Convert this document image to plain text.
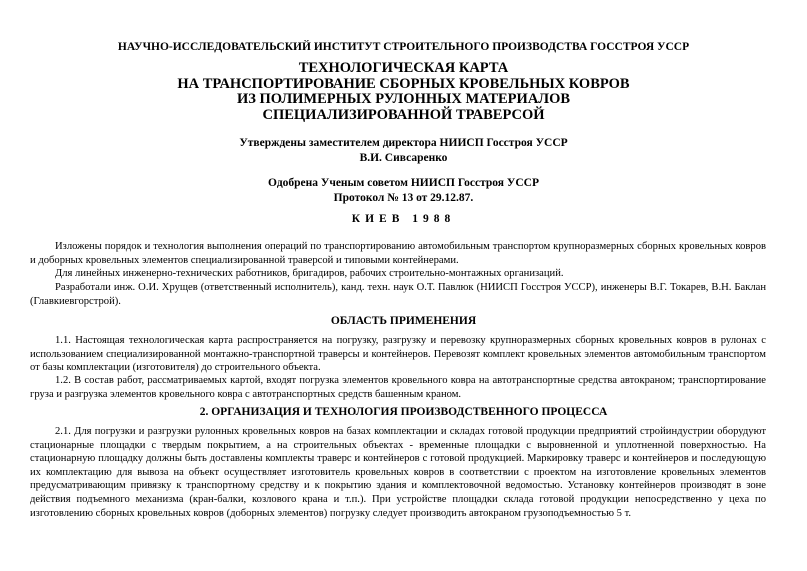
НАУЧНО-ИССЛЕДОВАТЕЛЬСКИЙ ИНСТИТУТ СТРОИТЕЛЬНОГО ПРОИЗВОДСТВА ГОССТРОЯ УССР
ТЕХНОЛОГИЧЕСКАЯ КАРТА
НА ТРАНСПОРТИРОВАНИЕ СБОРНЫХ КРОВЕЛЬНЫХ КОВРОВ
ИЗ ПОЛИМЕРНЫХ РУЛОННЫХ МАТЕРИАЛОВ
СПЕЦИАЛИЗИРОВАННОЙ ТРАВЕРСОЙ
Утверждены заместителем директора НИИСП Госстроя УССР
В.И. Сивсаренко
Одобрена Ученым советом НИИСП Госстроя УССР
Протокол № 13 от 29.12.87.
КИЕВ 1988
Изложены порядок и технология выполнения операций по транспортированию автомобильным транспортом крупноразмерных сборных кровельных ковров и доборных кровельных элементов специализированной траверсой и типовыми контейнерами.
Для линейных инженерно-технических работников, бригадиров, рабочих строительно-монтажных организаций.
Разработали инж. О.И. Хрущев (ответственный исполнитель), канд. техн. наук О.Т. Павлюк (НИИСП Госстроя УССР), инженеры В.Г. Токарев, В.Н. Баклан (Главкиевгорстрой).
ОБЛАСТЬ ПРИМЕНЕНИЯ
1.1. Настоящая технологическая карта распространяется на погрузку, разгрузку и перевозку крупноразмерных сборных кровельных ковров в рулонах с использованием специализированной монтажно-транспортной траверсы и контейнеров. Перевозят комплект кровельных элементов автомобильным транспортом от базы комплектации (изготовителя) до строительного объекта.
1.2. В состав работ, рассматриваемых картой, входят погрузка элементов кровельного ковра на автотранспортные средства автокраном; транспортирование груза и разгрузка элементов кровельного ковра с автотранспортных средств башенным краном.
2. ОРГАНИЗАЦИЯ И ТЕХНОЛОГИЯ ПРОИЗВОДСТВЕННОГО ПРОЦЕССА
2.1. Для погрузки и разгрузки рулонных кровельных ковров на базах комплектации и складах готовой продукции предприятий стройиндустрии оборудуют стационарные площадки с твердым покрытием, а на строительных объектах - временные площадки с выровненной и уплотненной поверхностью. На стационарную площадку должны быть доставлены комплекты траверс и контейнеров с готовой продукцией. Маркировку траверс и контейнеров и последующую их комплектацию для вывоза на объект осуществляет изготовитель кровельных ковров в соответствии с проектом на изготовление кровельных элементов предусматривающим привязку к транспортному средству и к покрытию здания и комплектовочной ведомостью. Установку контейнеров производят в зоне действия подъемного механизма (кран-балки, козлового крана и т.п.). При устройстве площадки склада готовой продукции непосредственно у цеха по изготовлению сборных кровельных ковров (доборных элементов) погрузку следует производить автокраном грузоподъемностью 5 т.
